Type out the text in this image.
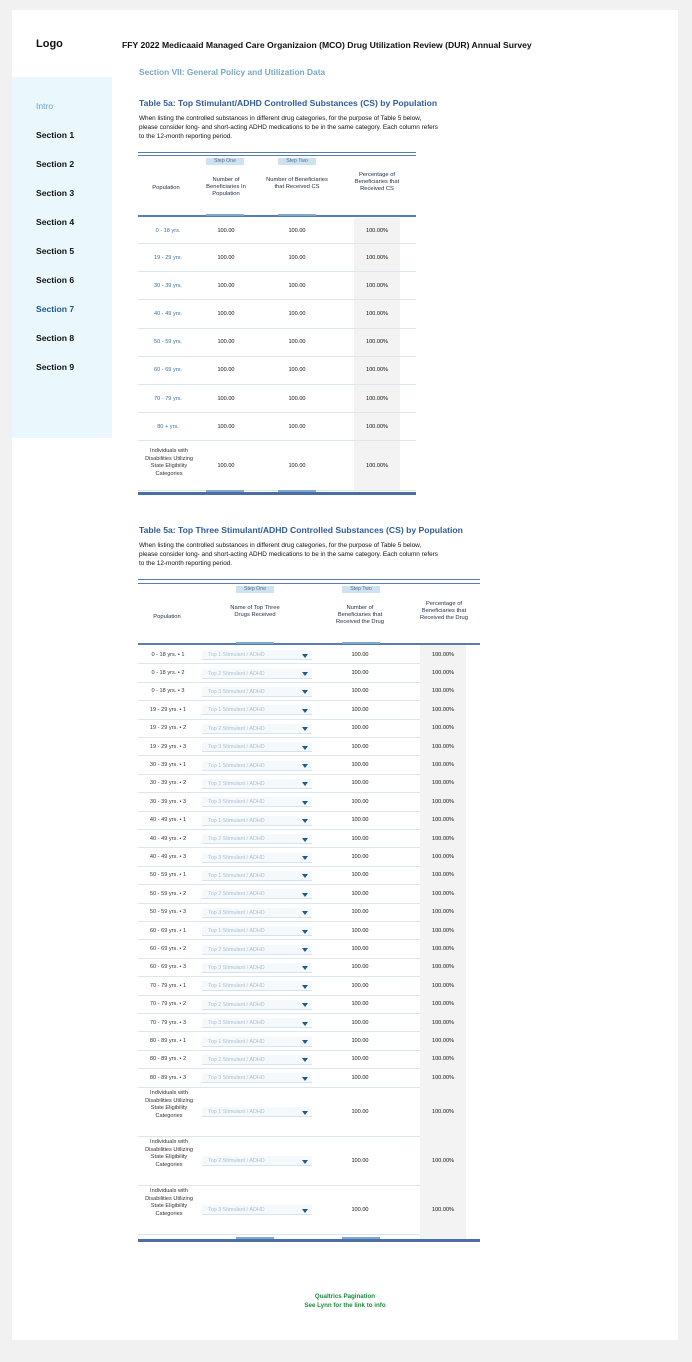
Logo	FFY 2022 Medicaaid Managed Care Organizaion (MCO) Drug Utilization Review (DUR) Annual Survey
Intro
Section 1
Section 2
Section 3
Section 4
Section 5
Section 6
Section 7
Section 8
Section 9
Section VII: General Policy and Utilization Data
Table 5a: Top Stimulant/ADHD Controlled Substances (CS) by Population
When listing the controlled substances in different drug categories, for the purpose of Table 5 below, please consider long- and short-acting ADHD medications to be in the same category. Each column refers to the 12-month reporting period.
Step One	Step Two
Population
Number of Beneficiaries In Population
Number of Beneficiaries that Received CS
Percentage of Beneficiaries that Received CS
0 - 18 yrs.	100.00	100.00	100.00%
19 - 29 yrs.	100.00	100.00	100.00%
30 - 39 yrs.	100.00	100.00	100.00%
40 - 49 yrs.	100.00	100.00	100.00%
50 - 59 yrs.	100.00	100.00	100.00%
60 - 69 yrs.	100.00	100.00	100.00%
70 - 79 yrs.	100.00	100.00	100.00%
80 + yrs.	100.00	100.00	100.00%
Individuals with Disabilities Utilizing State Eligibility Categories
100.00	100.00	100.00%
Table 5a: Top Three Stimulant/ADHD Controlled Substances (CS) by Population
When listing the controlled substances in different drug categories, for the purpose of Table 5 below, please consider long- and short-acting ADHD medications to be in the same category. Each column refers to the 12-month reporting period.
Step One	Step Two
Population
Name of Top Three Drugs Received
Number of Beneficiaries that Received the Drug
Percentage of Beneficiaries that Received the Drug
0 - 18 yrs. • 1	Top 1 Stimulant / ADHD	100.00	100.00%
0 - 18 yrs. • 2	Top 2 Stimulant / ADHD	100.00	100.00%
0 - 18 yrs. • 3	Top 3 Stimulant / ADHD	100.00	100.00%
19 - 29 yrs. • 1	Top 1 Stimulant / ADHD	100.00	100.00%
19 - 29 yrs. • 2	Top 2 Stimulant / ADHD	100.00	100.00%
19 - 29 yrs. • 3	Top 3 Stimulant / ADHD	100.00	100.00%
30 - 39 yrs. • 1	Top 1 Stimulant / ADHD	100.00	100.00%
30 - 39 yrs. • 2	Top 2 Stimulant / ADHD	100.00	100.00%
30 - 39 yrs. • 3	Top 3 Stimulant / ADHD	100.00	100.00%
40 - 49 yrs. • 1	Top 1 Stimulant / ADHD	100.00	100.00%
40 - 49 yrs. • 2	Top 2 Stimulant / ADHD	100.00	100.00%
40 - 49 yrs. • 3	Top 3 Stimulant / ADHD	100.00	100.00%
50 - 59 yrs. • 1	Top 1 Stimulant / ADHD	100.00	100.00%
50 - 59 yrs. • 2	Top 2 Stimulant / ADHD	100.00	100.00%
50 - 59 yrs. • 3	Top 3 Stimulant / ADHD	100.00	100.00%
60 - 69 yrs. • 1	Top 1 Stimulant / ADHD	100.00	100.00%
60 - 69 yrs. • 2	Top 2 Stimulant / ADHD	100.00	100.00%
60 - 69 yrs. • 3	Top 3 Stimulant / ADHD	100.00	100.00%
70 - 79 yrs. • 1	Top 1 Stimulant / ADHD	100.00	100.00%
70 - 79 yrs. • 2	Top 2 Stimulant / ADHD	100.00	100.00%
70 - 79 yrs. • 3	Top 3 Stimulant / ADHD	100.00	100.00%
80 - 89 yrs. • 1	Top 1 Stimulant / ADHD	100.00	100.00%
80 - 89 yrs. • 2	Top 2 Stimulant / ADHD	100.00	100.00%
80 - 89 yrs. • 3	Top 3 Stimulant / ADHD	100.00	100.00%
Individuals with Disabilities Utilizing State Eligibility Categories
Top 1 Stimulant / ADHD	100.00	100.00%
Individuals with Disabilities Utilizing State Eligibility Categories
Top 2 Stimulant / ADHD	100.00	100.00%
Individuals with Disabilities Utilizing State Eligibility Categories
Top 3 Stimulant / ADHD	100.00	100.00%
Qualtrics Pagination
See Lynn for the link to info
